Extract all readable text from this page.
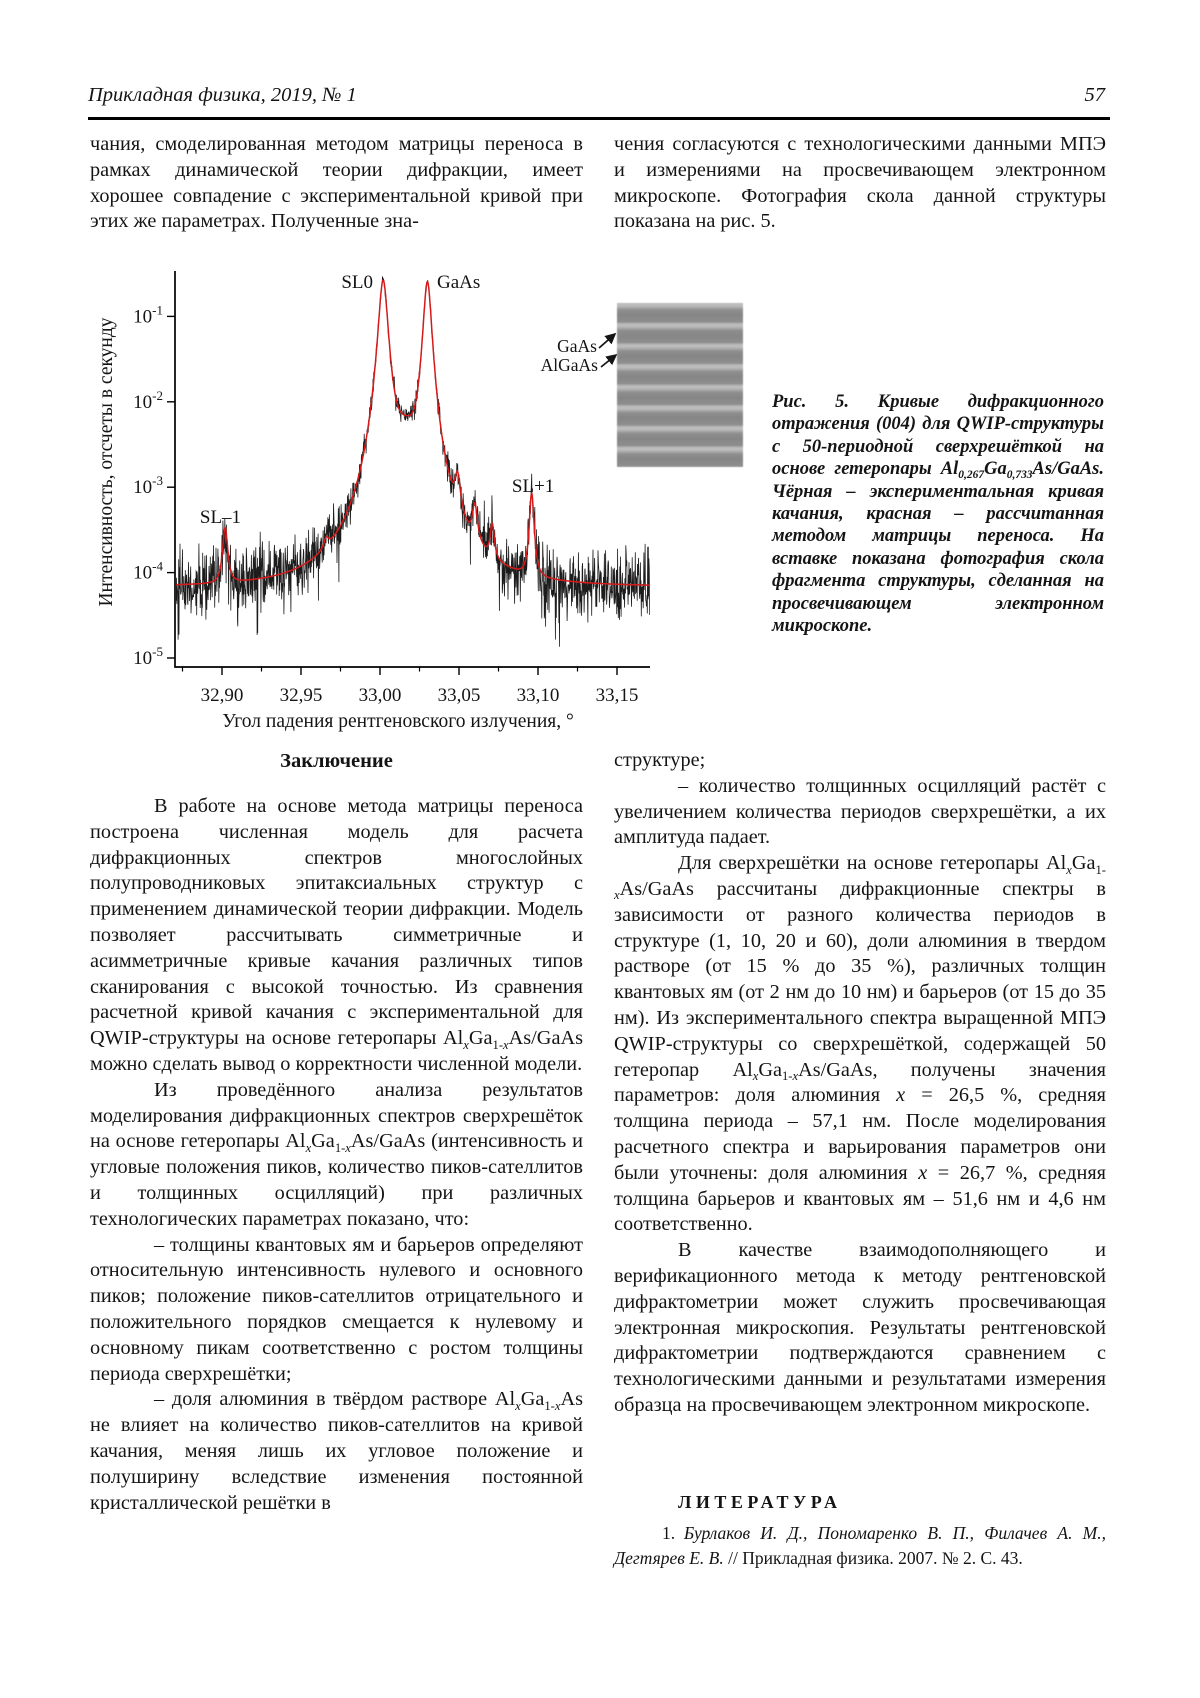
Прикладная физика, 2019, № 1	57

чания, смоделированная методом матрицы переноса в рамках динамической теории дифракции, имеет хорошее совпадение с экспериментальной кривой при этих же параметрах. Полученные зна-

чения согласуются с технологическими данными МПЭ и измерениями на просвечивающем электронном микроскопе. Фотография скола данной структуры показана на рис. 5.

$10^{-1}$
$10^{-2}$
$10^{-3}$
$10^{-4}$
$10^{-5}$
32,90 32,95 33,00 33,05 33,10 33,15
Угол падения рентгеновского излучения, °
Интенсивность, отсчеты в секунду
SL0	GaAs
SL–1
SL+1
GaAs
AlGaAs
Рис. 5. Кривые дифракционного отражения (004) для QWIP-структуры с 50-периодной сверхрешёткой на основе гетеропары $Al_{0,267}Ga_{0,733}As$/GaAs. Чёрная – экспериментальная кривая качания, красная – рассчитанная методом матрицы переноса. На вставке показана фотография скола фрагмента структуры, сделанная на просвечивающем электронном микроскопе.
Заключение

В работе на основе метода матрицы переноса построена численная модель для расчета дифракционных спектров многослойных полупроводниковых эпитаксиальных структур с применением динамической теории дифракции. Модель позволяет рассчитывать симметричные и асимметричные кривые качания различных типов сканирования с высокой точностью. Из сравнения расчетной кривой качания с экспериментальной для QWIP-структуры на основе гетеропары $Al_xGa_{1-x}As$/GaAs можно сделать вывод о корректности численной модели.

Из проведённого анализа результатов моделирования дифракционных спектров сверхрешёток на основе гетеропары $Al_xGa_{1-x}As$/GaAs (интенсивность и угловые положения пиков, количество пиков-сателлитов и толщинных осцилляций) при различных технологических параметрах показано, что:

– толщины квантовых ям и барьеров определяют относительную интенсивность нулевого и основного пиков; положение пиков-сателлитов отрицательного и положительного порядков смещается к нулевому и основному пикам соответственно с ростом толщины периода сверхрешётки;

– доля алюминия в твёрдом растворе $Al_xGa_{1-x}As$ не влияет на количество пиков-сателлитов на кривой качания, меняя лишь их угловое положение и полуширину вследствие изменения постоянной кристаллической решётки в

структуре;

– количество толщинных осцилляций растёт с увеличением количества периодов сверхрешётки, а их амплитуда падает.

Для сверхрешётки на основе гетеропары $Al_xGa_{1-x}As$/GaAs рассчитаны дифракционные спектры в зависимости от разного количества периодов в структуре (1, 10, 20 и 60), доли алюминия в твердом растворе (от 15 % до 35 %), различных толщин квантовых ям (от 2 нм до 10 нм) и барьеров (от 15 до 35 нм). Из экспериментального спектра выращенной МПЭ QWIP-структуры со сверхрешёткой, содержащей 50 гетеропар $Al_xGa_{1-x}As$/GaAs, получены значения параметров: доля алюминия x = 26,5 %, средняя толщина периода – 57,1 нм. После моделирования расчетного спектра и варьирования параметров они были уточнены: доля алюминия x = 26,7 %, средняя толщина барьеров и квантовых ям – 51,6 нм и 4,6 нм соответственно.

В качестве взаимодополняющего и верификационного метода к методу рентгеновской дифрактометрии может служить просвечивающая электронная микроскопия. Результаты рентгеновской дифрактометрии подтверждаются сравнением с технологическими данными и результатами измерения образца на просвечивающем электронном микроскопе.

ЛИТЕРАТУРА

1. Бурлаков И. Д., Пономаренко В. П., Филачев А. М., Дегтярев Е. В. // Прикладная физика. 2007. № 2. С. 43.
